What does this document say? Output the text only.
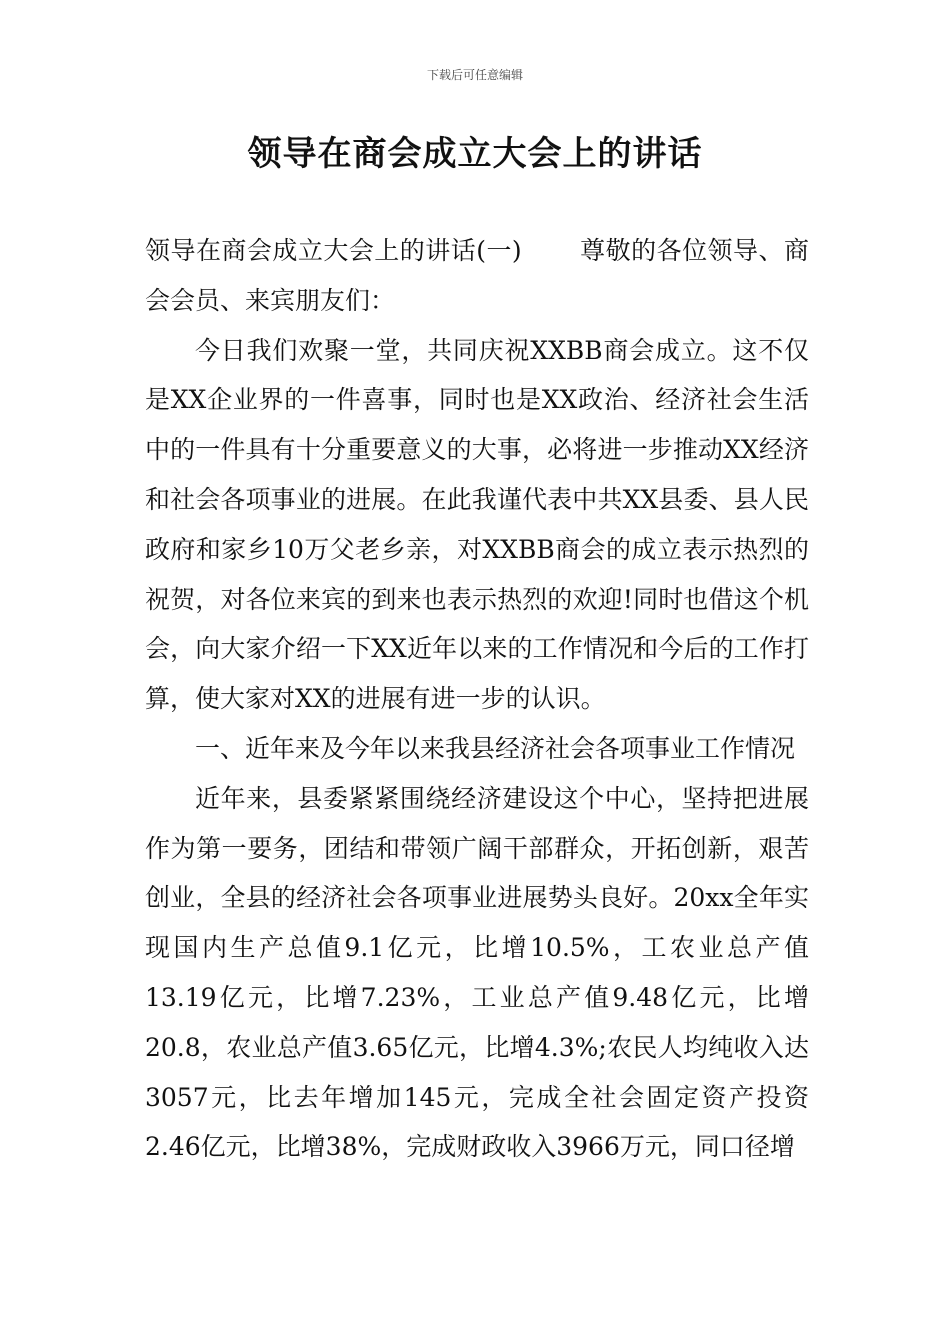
下载后可任意编辑
领导在商会成立大会上的讲话

领导在商会成立大会上的讲话(一) 尊敬的各位领导、商会会员、来宾朋友们：

今日我们欢聚一堂，共同庆祝XXBB商会成立。这不仅是XX企业界的一件喜事，同时也是XX政治、经济社会生活中的一件具有十分重要意义的大事，必将进一步推动XX经济和社会各项事业的进展。在此我谨代表中共XX县委、县人民政府和家乡10万父老乡亲，对XXBB商会的成立表示热烈的祝贺，对各位来宾的到来也表示热烈的欢迎!同时也借这个机会，向大家介绍一下XX近年以来的工作情况和今后的工作打算，使大家对XX的进展有进一步的认识。

一、近年来及今年以来我县经济社会各项事业工作情况

近年来，县委紧紧围绕经济建设这个中心，坚持把进展作为第一要务，团结和带领广阔干部群众，开拓创新，艰苦创业，全县的经济社会各项事业进展势头良好。20xx全年实现国内生产总值9.1亿元，比增10.5%，工农业总产值13.19亿元，比增7.23%，工业总产值9.48亿元，比增20.8，农业总产值3.65亿元，比增4.3%;农民人均纯收入达3057元，比去年增加145元，完成全社会固定资产投资2.46亿元，比增38%，完成财政收入3966万元，同口径增
